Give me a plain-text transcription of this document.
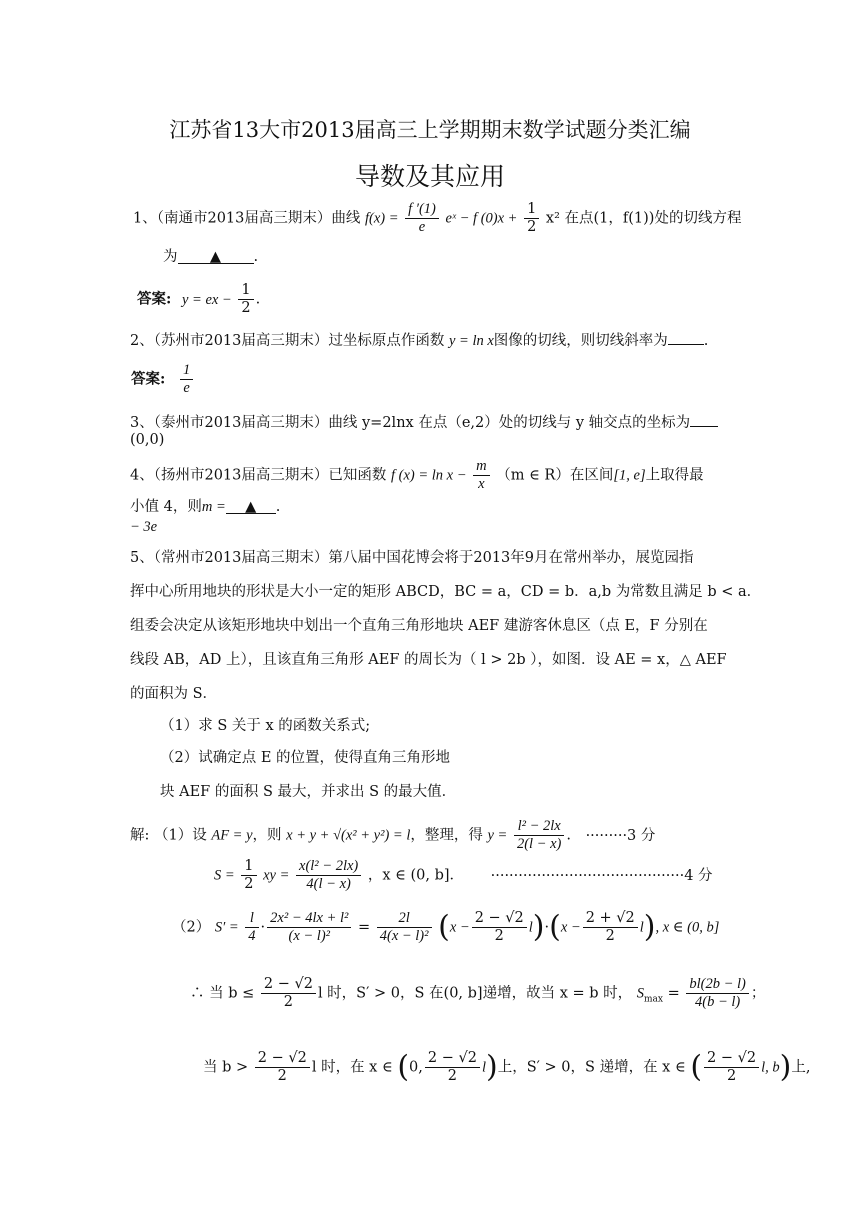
江苏省13大市2013届高三上学期期末数学试题分类汇编
导数及其应用
1、（南通市2013届高三期末）曲线 $f(x) = \frac{f '(1)}{e}$ eˣ − f $(0)x + \frac{1}{2} x^2$ 在点(1，f(1))处的切线方程
为 ▲ .
答案: y = ex − $\frac{1}{2}$ .
2、（苏州市2013届高三期末）过坐标原点作函数 y = ln x图像的切线，则切线斜率为 .
答案: $\frac{1}{e}$
3、（泰州市2013届高三期末）曲线 y=2lnx 在点（e,2）处的切线与 y 轴交点的坐标为
(0,0)
4、（扬州市2013届高三期末）已知函数 f $(x) = \ln x - \frac{m}{x} (m$ ∈ R）在区间[1, e]上取得最
小值 4，则m = ▲ .
− 3e
5、（常州市2013届高三期末）第八届中国花博会将于2013年9月在常州举办，展览园指
挥中心所用地块的形状是大小一定的矩形 ABCD，BC = a，CD = b．a,b 为常数且满足 b < a．
组委会决定从该矩形地块中划出一个直角三角形地块 AEF 建游客休息区（点 E，F 分别在
线段 AB，AD 上），且该直角三角形 AEF 的周长为（ l > 2b ），如图．设 AE = x，△ AEF
的面积为 S．
（1）求 S 关于 x 的函数关系式;
（2）试确定点 E 的位置，使得直角三角形地
块 AEF 的面积 S 最大，并求出 S 的最大值．
解: （1）设 AF = y，则 x + y + √(x² + y²) = l，整理，得 $y = \frac{\text{l² − 2lx}}{2(l - x)}$ . ·········3 分
$S = \frac{1}{2}$ xy = $\frac{\text{x(l² − 2lx)}}{4(l - x)}$ ，x ∈ (0, b]． ··········································4 分
（2） $S' = \frac{l}{4} \cdot \frac{\text{2x² − 4lx + l²}}{\text{(x − l)²}} = \frac{2l}{\text{4(x − l)²}} (x - \frac{2 - √2}{2} l)\cdot(x - \frac{2 + √2}{2} l)$, x ∈ (0, b]
∴ 当 $b \le \frac{2 - √2}{2}$ l 时，S′ > 0，S 在(0, b]递增，故当 x = b 时， $S_{max} = \frac{bl(2b - l)}{4(b - l)}$ ；
当 $b > \frac{2 - √2}{2}$ l 时，在 x ∈ (0, $\frac{2 - √2}{2} l$)上，S′ > 0，S 递增，在 x ∈ ( $\frac{2 - √2}{2} l$, b)上,
